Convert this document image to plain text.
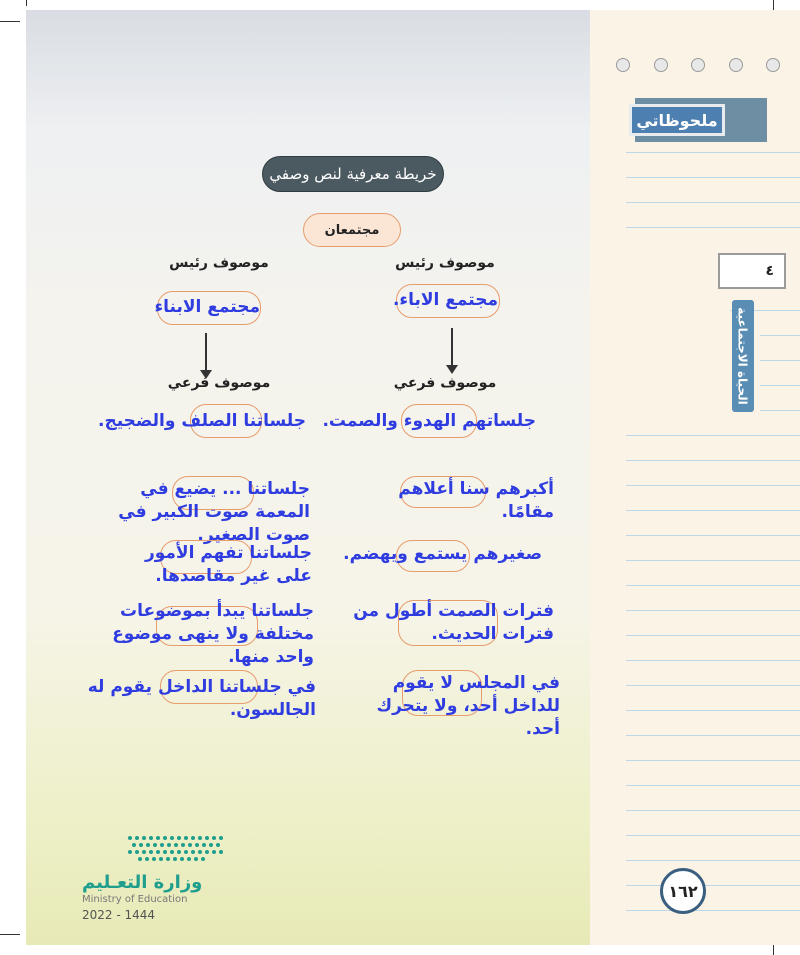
خريطة معرفية لنص وصفي
مجتمعان
موصوف رئيس
مجتمع الاباء.
موصوف فرعي
جلساتهم الهدوء والصمت.
أكبرهم سنا أعلاهم مقامًا.
صغيرهم يستمع ويهضم.
فترات الصمت أطول من فترات الحديث.
في المجلس لا يقوم للداخل أحد، ولا يتحرك أحد.
موصوف رئيس
مجتمع الابناء
موصوف فرعي
جلساتنا الصلف والضجيج.
جلساتنا ... يضيع في المعمة صوت الكبير في صوت الصغير.
جلساتنا تفهم الأمور على غير مقاصدها.
جلساتنا يبدأ بموضوعات مختلفة ولا ينهى موضوع واحد منها.
في جلساتنا الداخل يقوم له الجالسون.
وزارة التعـليم
Ministry of Education
2022 - 1444
ملحوظاتي
٤
الحياة الاجتماعية
١٦٢
